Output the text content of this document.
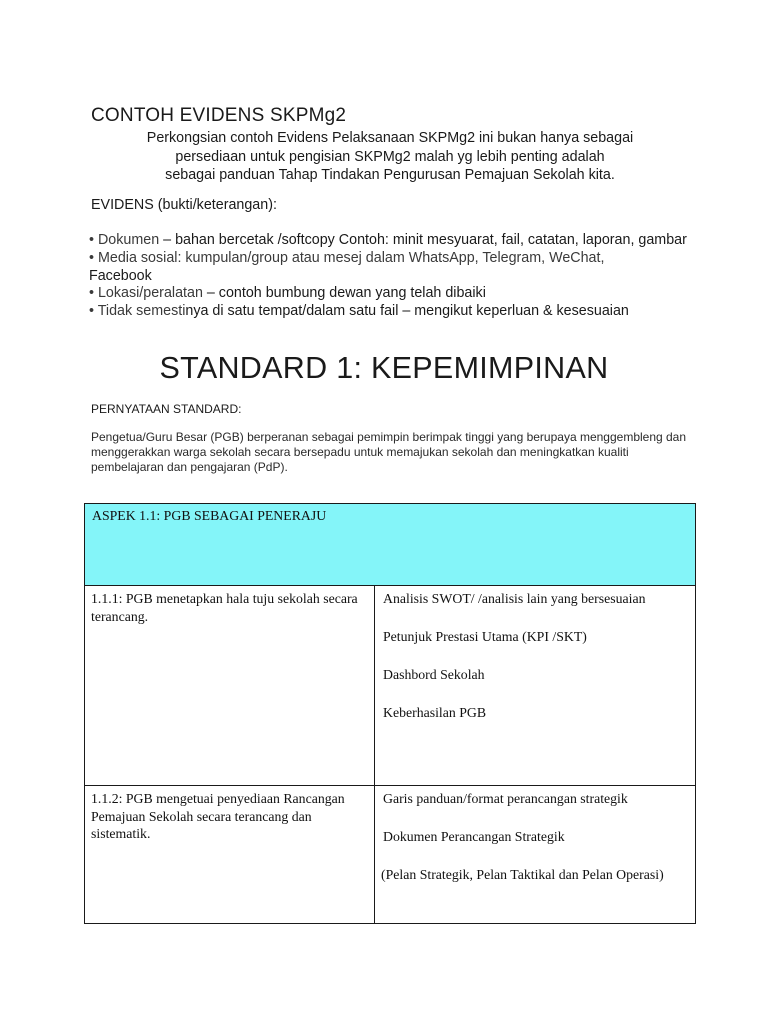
CONTOH EVIDENS SKPMg2
Perkongsian contoh Evidens Pelaksanaan SKPMg2 ini bukan hanya sebagai
persediaan untuk pengisian SKPMg2 malah yg lebih penting adalah
sebagai panduan Tahap Tindakan Pengurusan Pemajuan Sekolah kita.
EVIDENS (bukti/keterangan):
• Dokumen – bahan bercetak /softcopy Contoh: minit mesyuarat, fail, catatan, laporan, gambar
• Media sosial: kumpulan/group atau mesej dalam WhatsApp, Telegram, WeChat,
Facebook
• Lokasi/peralatan – contoh bumbung dewan yang telah dibaiki
• Tidak semestinya di satu tempat/dalam satu fail – mengikut keperluan & kesesuaian
STANDARD 1: KEPEMIMPINAN
PERNYATAAN STANDARD:
Pengetua/Guru Besar (PGB) berperanan sebagai pemimpin berimpak tinggi yang berupaya menggembleng dan menggerakkan warga sekolah secara bersepadu untuk memajukan sekolah dan meningkatkan kualiti pembelajaran dan pengajaran (PdP).
ASPEK 1.1: PGB SEBAGAI PENERAJU	
1.1.1: PGB menetapkan hala tuju sekolah secara terancang.	Analisis SWOT/ /analisis lain yang bersesuaian
Petunjuk Prestasi Utama (KPI /SKT)
Dashbord Sekolah
Keberhasilan PGB

1.1.2: PGB mengetuai penyediaan Rancangan Pemajuan Sekolah secara terancang dan sistematik.	Garis panduan/format perancangan strategik
Dokumen Perancangan Strategik
(Pelan Strategik, Pelan Taktikal dan Pelan Operasi)
